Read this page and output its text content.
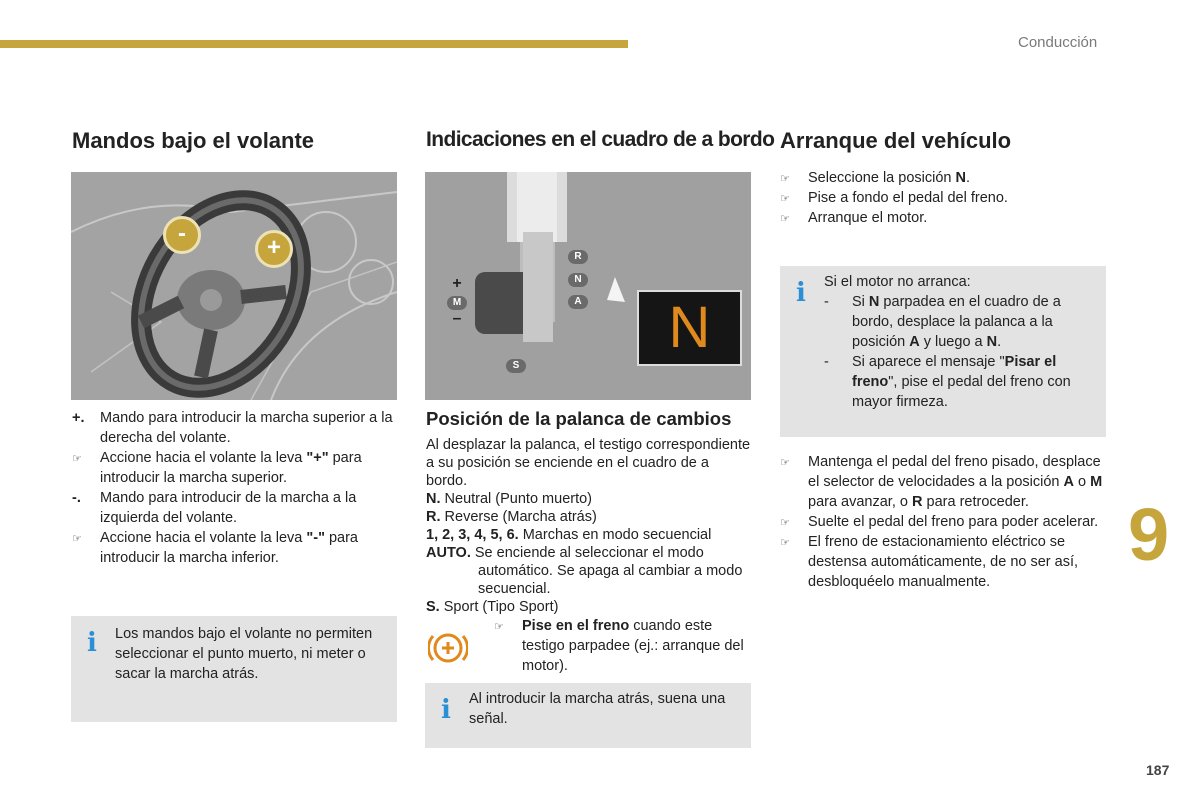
Conducción
9
187
Mandos bajo el volante
-
+

+. Mando para introducir la marcha superior a la derecha del volante.

☞ Accione hacia el volante la leva "+" para introducir la marcha superior.

-. Mando para introducir de la marcha a la izquierda del volante.

☞ Accione hacia el volante la leva "-" para introducir la marcha inferior.

i Los mandos bajo el volante no permiten seleccionar el punto muerto, ni meter o sacar la marcha atrás.
Indicaciones en el cuadro de a bordo
+
M
–
R
N
A
S
N
Posición de la palanca de cambios

Al desplazar la palanca, el testigo correspondiente a su posición se enciende en el cuadro de a bordo.

N. Neutral (Punto muerto)

R. Reverse (Marcha atrás)

1, 2, 3, 4, 5, 6. Marchas en modo secuencial

AUTO. Se enciende al seleccionar el modo automático. Se apaga al cambiar a modo secuencial.

S. Sport (Tipo Sport)

☞ Pise en el freno cuando este testigo parpadee (ej.: arranque del motor).

i Al introducir la marcha atrás, suena una señal.
Arranque del vehículo

☞ Seleccione la posición N.

☞ Pise a fondo el pedal del freno.

☞ Arranque el motor.

i Si el motor no arranca:

- Si N parpadea en el cuadro de a bordo, desplace la palanca a la posición A y luego a N.

- Si aparece el mensaje "Pisar el freno", pise el pedal del freno con mayor firmeza.

☞ Mantenga el pedal del freno pisado, desplace el selector de velocidades a la posición A o M para avanzar, o R para retroceder.

☞ Suelte el pedal del freno para poder acelerar.

☞ El freno de estacionamiento eléctrico se destensa automáticamente, de no ser así, desbloquéelo manualmente.
